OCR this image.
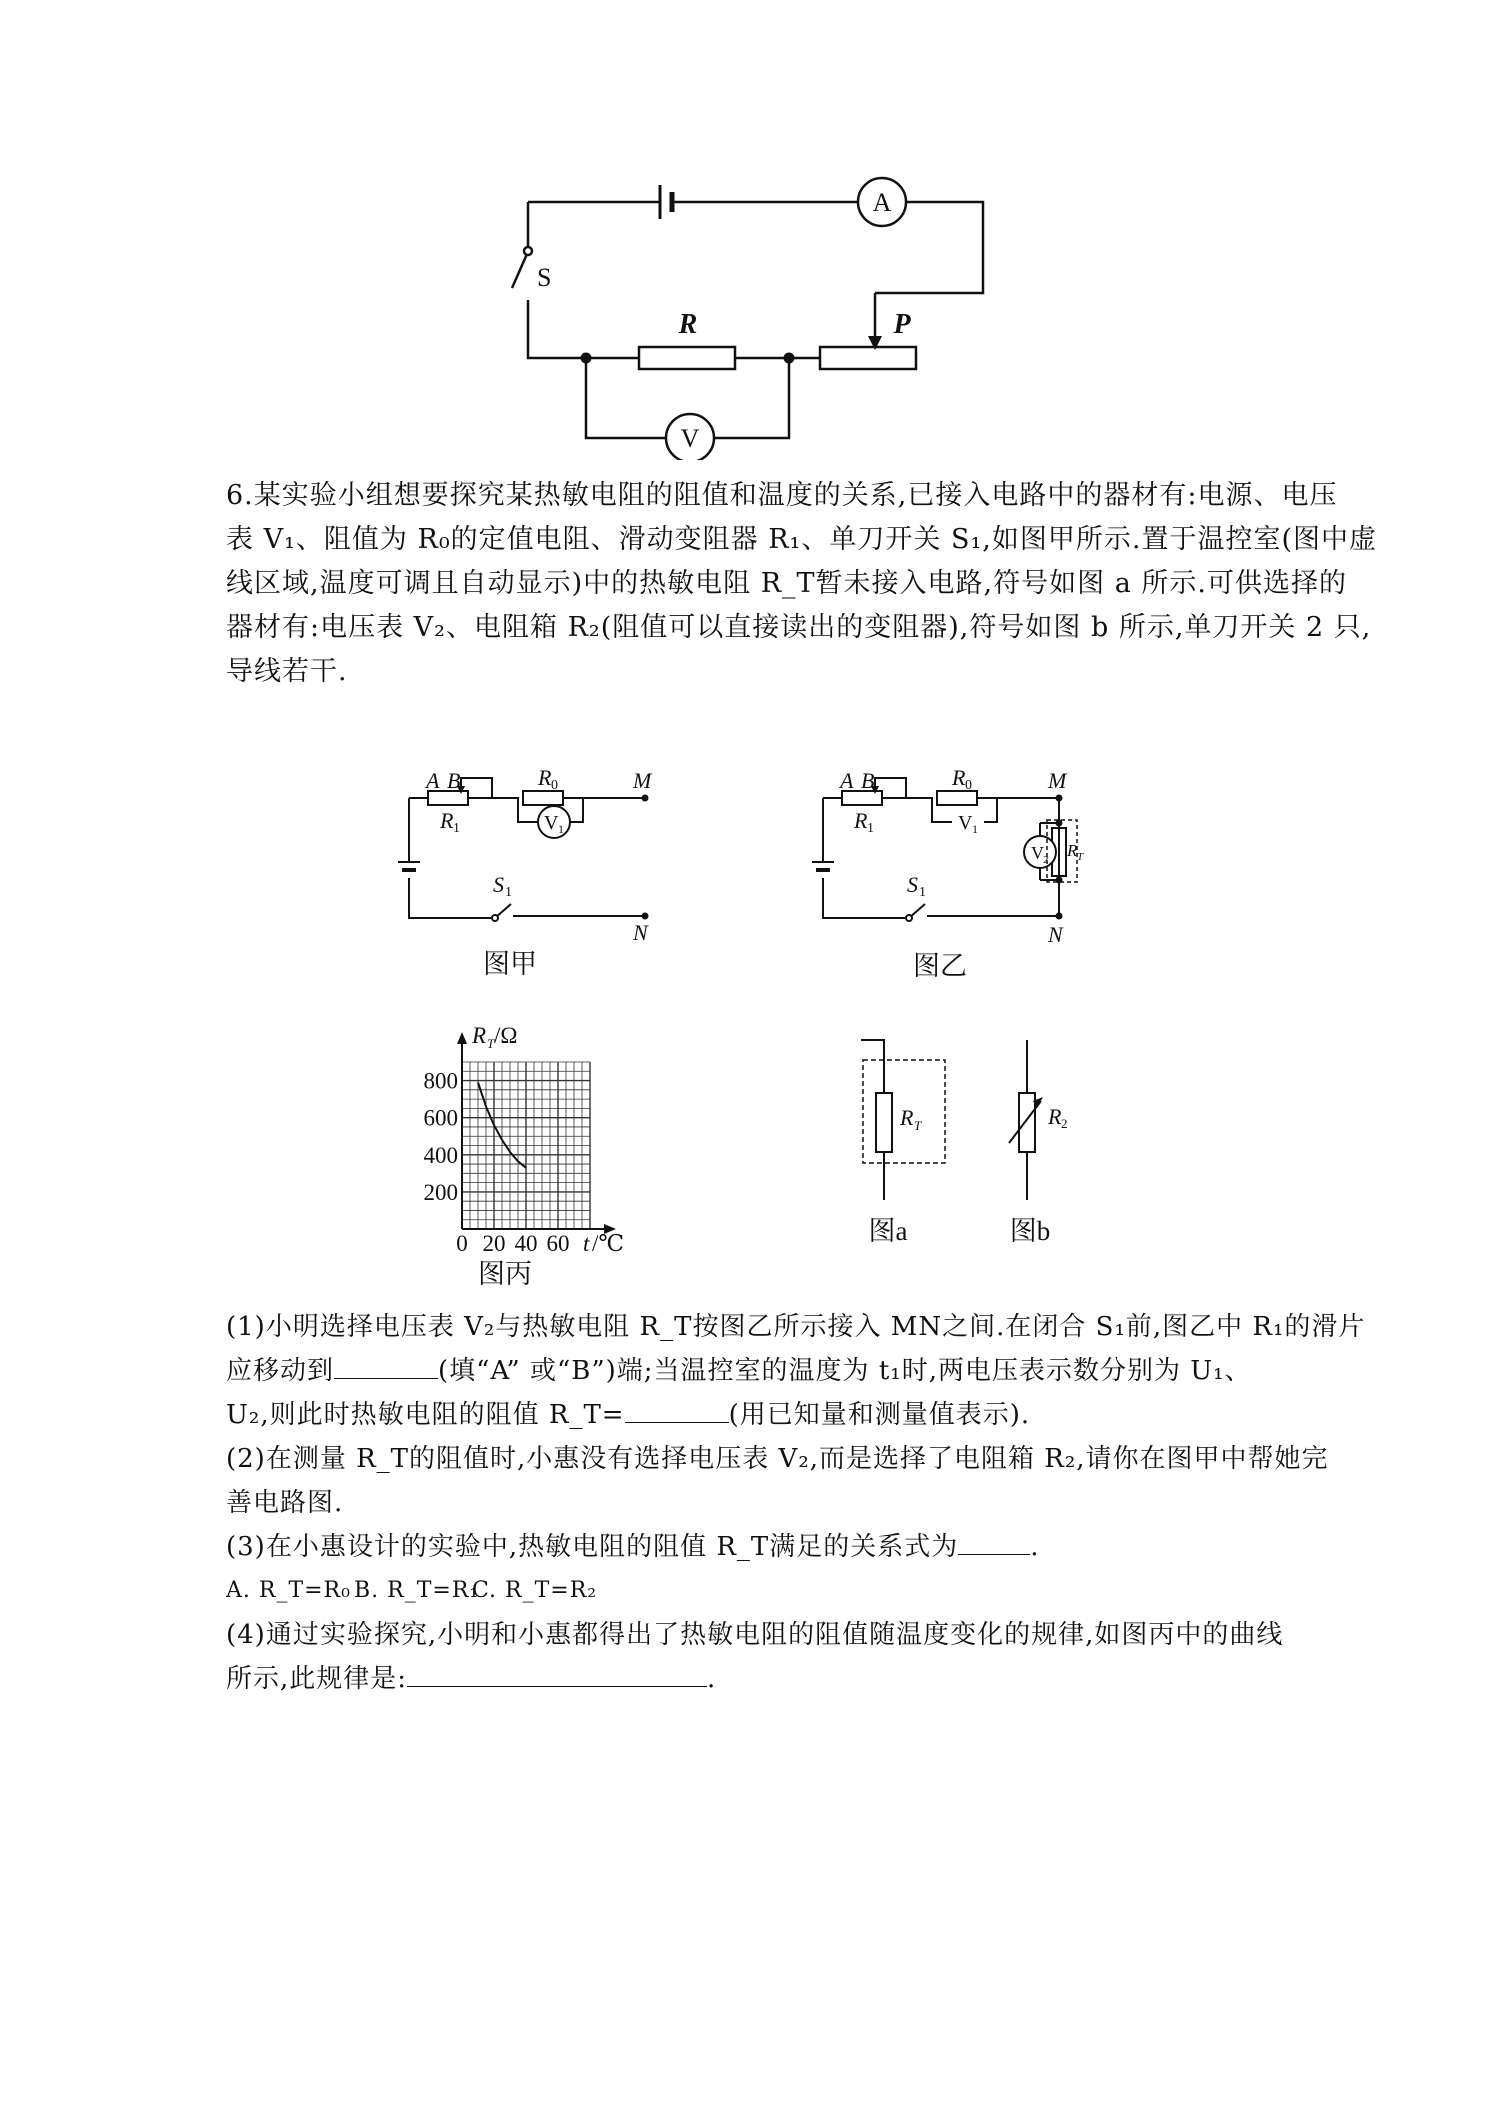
S
A
V
R	P
6.某实验小组想要探究某热敏电阻的阻值和温度的关系,已接入电路中的器材有:电源、电压
表 V₁、阻值为 R₀的定值电阻、滑动变阻器 R₁、单刀开关 S₁,如图甲所示.置于温控室(图中虚
线区域,温度可调且自动显示)中的热敏电阻 R_T暂未接入电路,符号如图 a 所示.可供选择的
器材有:电压表 V₂、电阻箱 R₂(阻值可以直接读出的变阻器),符号如图 b 所示,单刀开关 2 只,
导线若干.
A B	R 0
R 1	V 1
M
N
S 1
图甲
A B	R 0
R 1	V 1
V 2 R T
M
N
S 1
图乙
800
600
400
200
0 20 40 60
R T /Ω
t /℃
图丙
R T
图a
R 2
图b
(1)小明选择电压表 V₂与热敏电阻 R_T按图乙所示接入 MN之间.在闭合 S₁前,图乙中 R₁的滑片
应移动到	(填“A” 或“B”)端;当温控室的温度为 t₁时,两电压表示数分别为 U₁、
U₂,则此时热敏电阻的阻值 R_T=	(用已知量和测量值表示).
(2)在测量 R_T的阻值时,小惠没有选择电压表 V₂,而是选择了电阻箱 R₂,请你在图甲中帮她完
善电路图.
(3)在小惠设计的实验中,热敏电阻的阻值 R_T满足的关系式为	.
A. R_T=R₀ B. R_T=R₁C. R_T=R₂
(4)通过实验探究,小明和小惠都得出了热敏电阻的阻值随温度变化的规律,如图丙中的曲线
所示,此规律是:	.
